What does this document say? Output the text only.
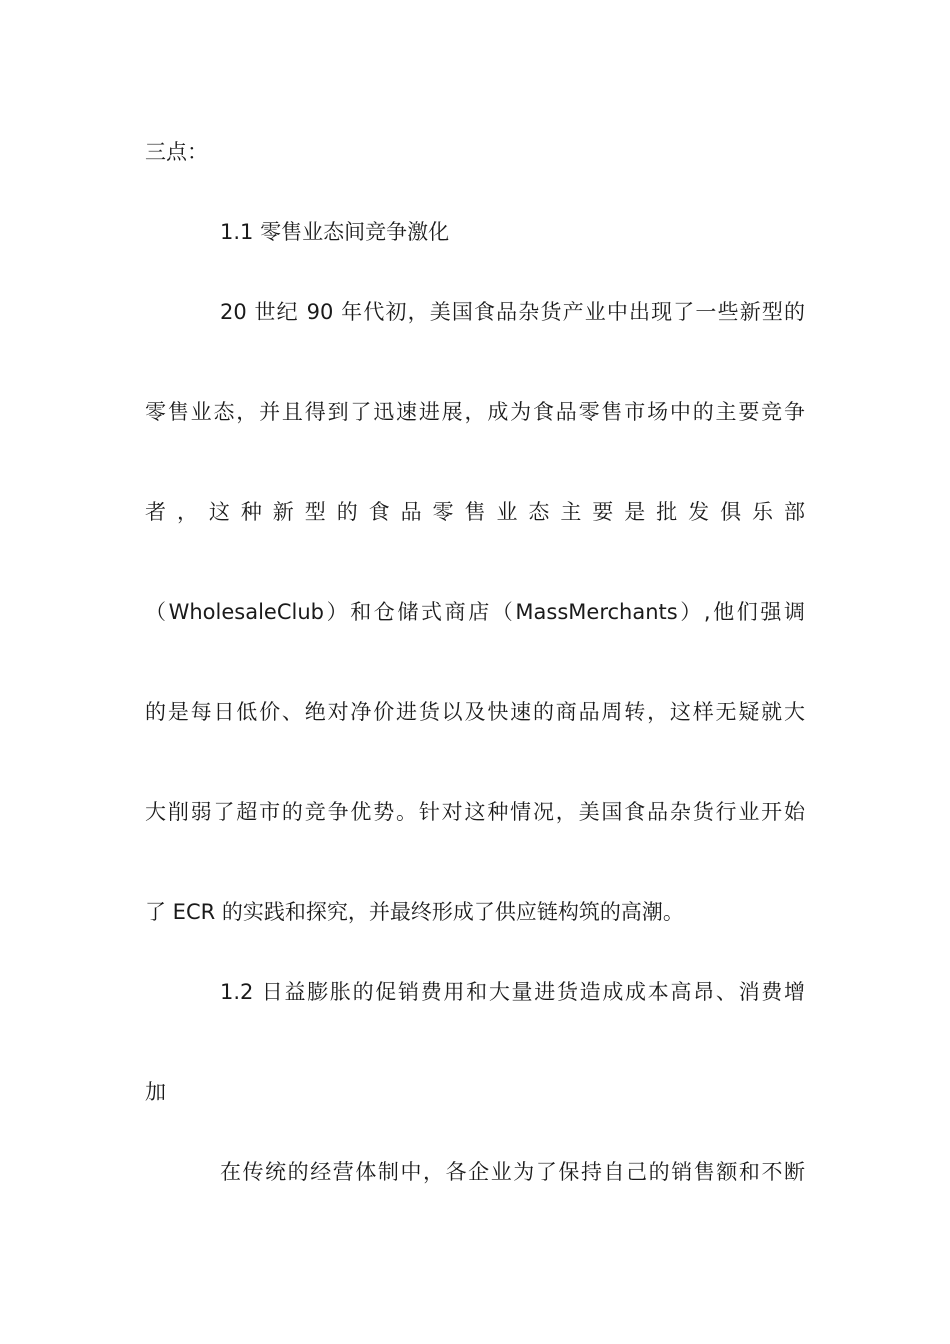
三点：
1.1 零售业态间竞争激化
20 世纪 90 年代初，美国食品杂货产业中出现了一些新型的
零售业态，并且得到了迅速进展，成为食品零售市场中的主要竞争
者，这种新型的食品零售业态主要是批发俱乐部
（WholesaleClub）和仓储式商店（MassMerchants）,他们强调
的是每日低价、绝对净价进货以及快速的商品周转，这样无疑就大
大削弱了超市的竞争优势。针对这种情况，美国食品杂货行业开始
了 ECR 的实践和探究，并最终形成了供应链构筑的高潮。
1.2 日益膨胀的促销费用和大量进货造成成本高昂、消费增
加
在传统的经营体制中，各企业为了保持自己的销售额和不断
